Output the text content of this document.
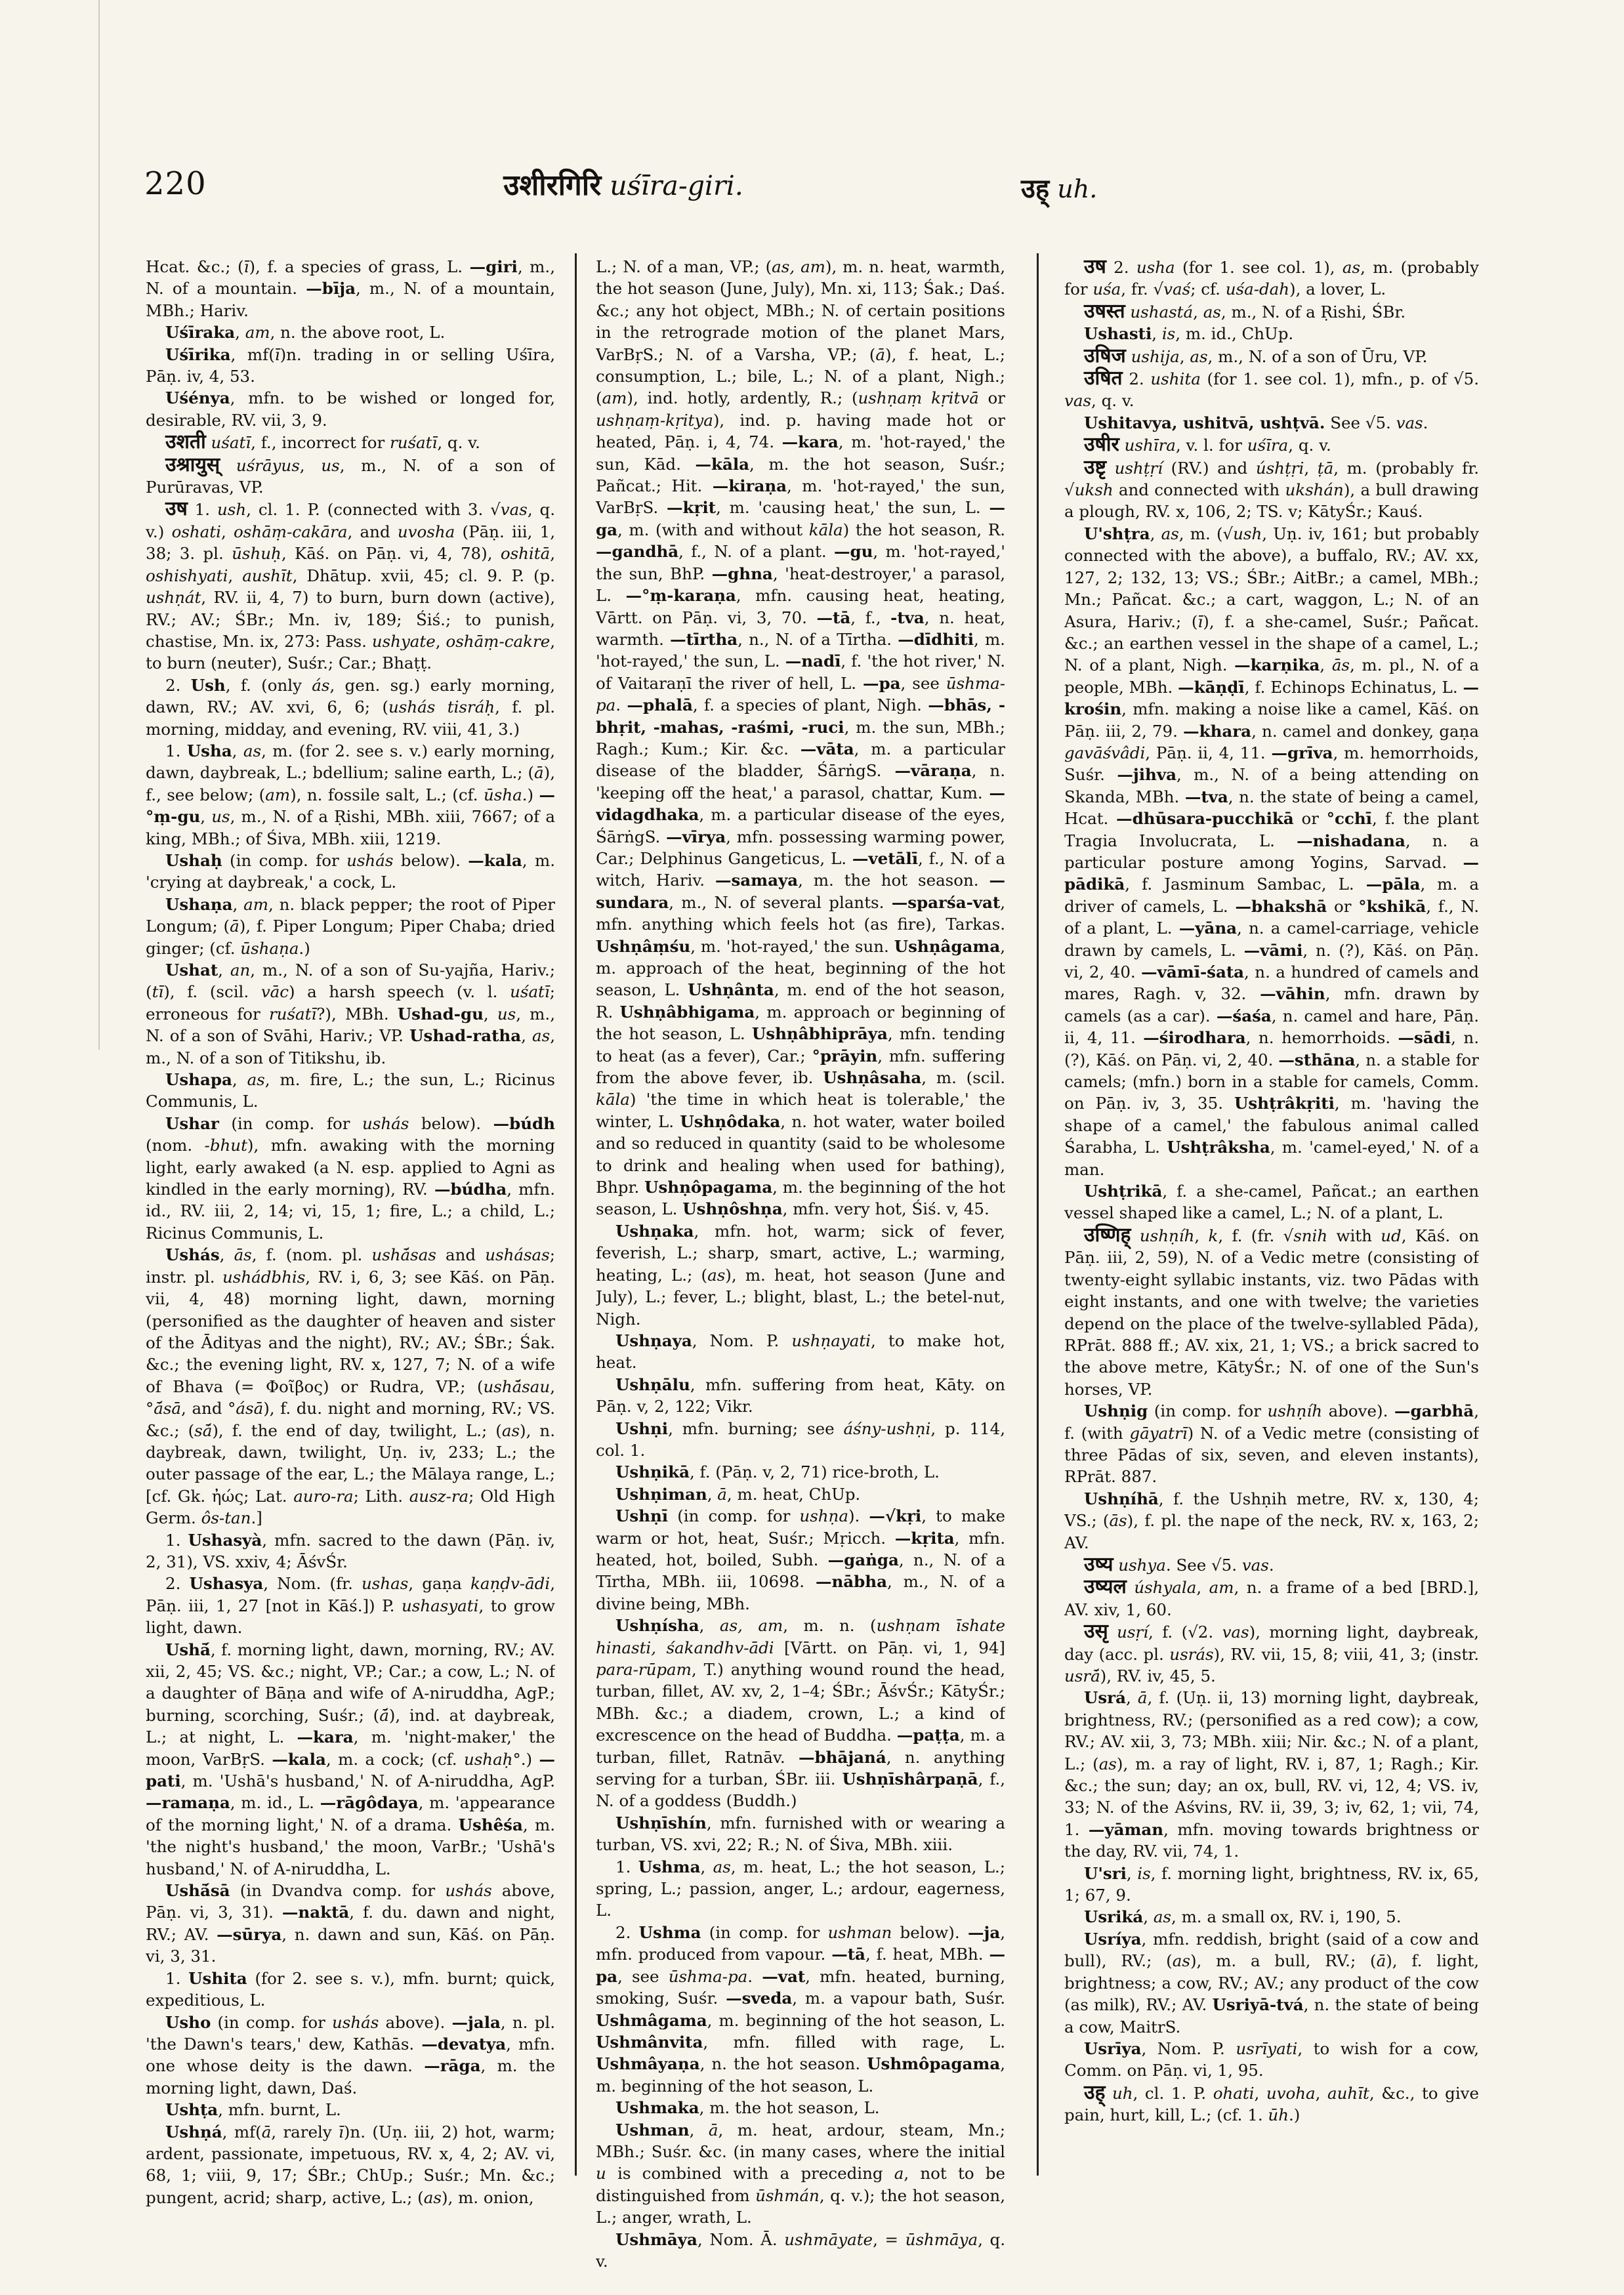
220	उशीरगिरि uśīra-giri.	उह् uh.

Hcat. &c.; (ī), f. a species of grass, L. —giri, m., N. of a mountain. —bīja, m., N. of a mountain, MBh.; Hariv.

Uśīraka, am, n. the above root, L.

Uśīrika, mf(ī)n. trading in or selling Uśīra, Pāṇ. iv, 4, 53.

Uśénya, mfn. to be wished or longed for, desirable, RV. vii, 3, 9.

उशती uśatī, f., incorrect for ruśatī, q. v.

उश्रायुस् uśrāyus, us, m., N. of a son of Purūravas, VP.

उष 1. ush, cl. 1. P. (connected with 3. √vas, q. v.) oshati, oshāṃ-cakāra, and uvosha (Pāṇ. iii, 1, 38; 3. pl. ūshuḥ, Kāś. on Pāṇ. vi, 4, 78), oshitā, oshishyati, aushīt, Dhātup. xvii, 45; cl. 9. P. (p. ushṇát, RV. ii, 4, 7) to burn, burn down (active), RV.; AV.; ŚBr.; Mn. iv, 189; Śiś.; to punish, chastise, Mn. ix, 273: Pass. ushyate, oshāṃ-cakre, to burn (neuter), Suśr.; Car.; Bhaṭṭ.

2. Ush, f. (only ás, gen. sg.) early morning, dawn, RV.; AV. xvi, 6, 6; (ushás tisráḥ, f. pl. morning, midday, and evening, RV. viii, 41, 3.)

1. Usha, as, m. (for 2. see s. v.) early morning, dawn, daybreak, L.; bdellium; saline earth, L.; (ā), f., see below; (am), n. fossile salt, L.; (cf. ūsha.) —°ṃ-gu, us, m., N. of a Ṛishi, MBh. xiii, 7667; of a king, MBh.; of Śiva, MBh. xiii, 1219.

Ushaḥ (in comp. for ushás below). —kala, m. 'crying at daybreak,' a cock, L.

Ushaṇa, am, n. black pepper; the root of Piper Longum; (ā), f. Piper Longum; Piper Chaba; dried ginger; (cf. ūshaṇa.)

Ushat, an, m., N. of a son of Su-yajña, Hariv.; (tī), f. (scil. vāc) a harsh speech (v. l. uśatī; erroneous for ruśatī?), MBh. Ushad-gu, us, m., N. of a son of Svāhi, Hariv.; VP. Ushad-ratha, as, m., N. of a son of Titikshu, ib.

Ushapa, as, m. fire, L.; the sun, L.; Ricinus Communis, L.

Ushar (in comp. for ushás below). —búdh (nom. -bhut), mfn. awaking with the morning light, early awaked (a N. esp. applied to Agni as kindled in the early morning), RV. —búdha, mfn. id., RV. iii, 2, 14; vi, 15, 1; fire, L.; a child, L.; Ricinus Communis, L.

Ushás, ās, f. (nom. pl. ushā́sas and ushásas; instr. pl. ushádbhis, RV. i, 6, 3; see Kāś. on Pāṇ. vii, 4, 48) morning light, dawn, morning (personified as the daughter of heaven and sister of the Ādityas and the night), RV.; AV.; ŚBr.; Śak. &c.; the evening light, RV. x, 127, 7; N. of a wife of Bhava (= Φοῖβος) or Rudra, VP.; (ushā́sau, °ā́sā, and °ásā), f. du. night and morning, RV.; VS. &c.; (sā́), f. the end of day, twilight, L.; (as), n. daybreak, dawn, twilight, Uṇ. iv, 233; L.; the outer passage of the ear, L.; the Mālaya range, L.; [cf. Gk. ἠώς; Lat. auro-ra; Lith. ausz-ra; Old High Germ. ôs-tan.]

1. Ushasyà, mfn. sacred to the dawn (Pāṇ. iv, 2, 31), VS. xxiv, 4; ĀśvŚr.

2. Ushasya, Nom. (fr. ushas, gaṇa kaṇḍv-ādi, Pāṇ. iii, 1, 27 [not in Kāś.]) P. ushasyati, to grow light, dawn.

Ushā́, f. morning light, dawn, morning, RV.; AV. xii, 2, 45; VS. &c.; night, VP.; Car.; a cow, L.; N. of a daughter of Bāṇa and wife of A-niruddha, AgP.; burning, scorching, Suśr.; (ā́), ind. at daybreak, L.; at night, L. —kara, m. 'night-maker,' the moon, VarBṛS. —kala, m. a cock; (cf. ushaḥ°.) —pati, m. 'Ushā's husband,' N. of A-niruddha, AgP. —ramaṇa, m. id., L. —rāgôdaya, m. 'appearance of the morning light,' N. of a drama. Ushêśa, m. 'the night's husband,' the moon, VarBr.; 'Ushā's husband,' N. of A-niruddha, L.

Ushā́sā (in Dvandva comp. for ushás above, Pāṇ. vi, 3, 31). —naktā, f. du. dawn and night, RV.; AV. —sūrya, n. dawn and sun, Kāś. on Pāṇ. vi, 3, 31.

1. Ushita (for 2. see s. v.), mfn. burnt; quick, expeditious, L.

Usho (in comp. for ushás above). —jala, n. pl. 'the Dawn's tears,' dew, Kathās. —devatya, mfn. one whose deity is the dawn. —rāga, m. the morning light, dawn, Daś.

Ushṭa, mfn. burnt, L.

Ushṇá, mf(ā, rarely ī)n. (Uṇ. iii, 2) hot, warm; ardent, passionate, impetuous, RV. x, 4, 2; AV. vi, 68, 1; viii, 9, 17; ŚBr.; ChUp.; Suśr.; Mn. &c.; pungent, acrid; sharp, active, L.; (as), m. onion,

L.; N. of a man, VP.; (as, am), m. n. heat, warmth, the hot season (June, July), Mn. xi, 113; Śak.; Daś. &c.; any hot object, MBh.; N. of certain positions in the retrograde motion of the planet Mars, VarBṛS.; N. of a Varsha, VP.; (ā), f. heat, L.; consumption, L.; bile, L.; N. of a plant, Nigh.; (am), ind. hotly, ardently, R.; (ushṇaṃ kṛitvā or ushṇaṃ-kṛitya), ind. p. having made hot or heated, Pāṇ. i, 4, 74. —kara, m. 'hot-rayed,' the sun, Kād. —kāla, m. the hot season, Suśr.; Pañcat.; Hit. —kiraṇa, m. 'hot-rayed,' the sun, VarBṛS. —kṛit, m. 'causing heat,' the sun, L. —ga, m. (with and without kāla) the hot season, R. —gandhā, f., N. of a plant. —gu, m. 'hot-rayed,' the sun, BhP. —ghna, 'heat-destroyer,' a parasol, L. —°ṃ-karaṇa, mfn. causing heat, heating, Vārtt. on Pāṇ. vi, 3, 70. —tā, f., -tva, n. heat, warmth. —tīrtha, n., N. of a Tīrtha. —dīdhiti, m. 'hot-rayed,' the sun, L. —nadī, f. 'the hot river,' N. of Vaitaraṇī the river of hell, L. —pa, see ūshma-pa. —phalā, f. a species of plant, Nigh. —bhās, -bhṛit, -mahas, -raśmi, -ruci, m. the sun, MBh.; Ragh.; Kum.; Kir. &c. —vāta, m. a particular disease of the bladder, ŚārṅgS. —vāraṇa, n. 'keeping off the heat,' a parasol, chattar, Kum. —vidagdhaka, m. a particular disease of the eyes, ŚārṅgS. —vīrya, mfn. possessing warming power, Car.; Delphinus Gangeticus, L. —vetālī, f., N. of a witch, Hariv. —samaya, m. the hot season. —sundara, m., N. of several plants. —sparśa-vat, mfn. anything which feels hot (as fire), Tarkas. Ushṇâṃśu, m. 'hot-rayed,' the sun. Ushṇâgama, m. approach of the heat, beginning of the hot season, L. Ushṇânta, m. end of the hot season, R. Ushṇâbhigama, m. approach or beginning of the hot season, L. Ushṇâbhiprāya, mfn. tending to heat (as a fever), Car.; °prāyin, mfn. suffering from the above fever, ib. Ushṇâsaha, m. (scil. kāla) 'the time in which heat is tolerable,' the winter, L. Ushṇôdaka, n. hot water, water boiled and so reduced in quantity (said to be wholesome to drink and healing when used for bathing), Bhpr. Ushṇôpagama, m. the beginning of the hot season, L. Ushṇôshṇa, mfn. very hot, Śiś. v, 45.

Ushṇaka, mfn. hot, warm; sick of fever, feverish, L.; sharp, smart, active, L.; warming, heating, L.; (as), m. heat, hot season (June and July), L.; fever, L.; blight, blast, L.; the betel-nut, Nigh.

Ushṇaya, Nom. P. ushṇayati, to make hot, heat.

Ushṇālu, mfn. suffering from heat, Kāty. on Pāṇ. v, 2, 122; Vikr.

Ushṇi, mfn. burning; see áśny-ushṇi, p. 114, col. 1.

Ushṇikā, f. (Pāṇ. v, 2, 71) rice-broth, L.

Ushṇiman, ā, m. heat, ChUp.

Ushṇī (in comp. for ushṇa). —√kṛi, to make warm or hot, heat, Suśr.; Mṛicch. —kṛita, mfn. heated, hot, boiled, Subh. —gaṅga, n., N. of a Tīrtha, MBh. iii, 10698. —nābha, m., N. of a divine being, MBh.

Ushṇísha, as, am, m. n. (ushṇam īshate hinasti, śakandhv-ādi [Vārtt. on Pāṇ. vi, 1, 94] para-rūpam, T.) anything wound round the head, turban, fillet, AV. xv, 2, 1–4; ŚBr.; ĀśvŚr.; KātyŚr.; MBh. &c.; a diadem, crown, L.; a kind of excrescence on the head of Buddha. —paṭṭa, m. a turban, fillet, Ratnāv. —bhājaná, n. anything serving for a turban, ŚBr. iii. Ushṇīshârpaṇā, f., N. of a goddess (Buddh.)

Ushṇīshín, mfn. furnished with or wearing a turban, VS. xvi, 22; R.; N. of Śiva, MBh. xiii.

1. Ushma, as, m. heat, L.; the hot season, L.; spring, L.; passion, anger, L.; ardour, eagerness, L.

2. Ushma (in comp. for ushman below). —ja, mfn. produced from vapour. —tā, f. heat, MBh. —pa, see ūshma-pa. —vat, mfn. heated, burning, smoking, Suśr. —sveda, m. a vapour bath, Suśr. Ushmâgama, m. beginning of the hot season, L. Ushmânvita, mfn. filled with rage, L. Ushmâyaṇa, n. the hot season. Ushmôpagama, m. beginning of the hot season, L.

Ushmaka, m. the hot season, L.

Ushman, ā, m. heat, ardour, steam, Mn.; MBh.; Suśr. &c. (in many cases, where the initial u is combined with a preceding a, not to be distinguished from ūshmán, q. v.); the hot season, L.; anger, wrath, L.

Ushmāya, Nom. Ā. ushmāyate, = ūshmāya, q. v.

उष 2. usha (for 1. see col. 1), as, m. (probably for uśa, fr. √vaś; cf. uśa-dah), a lover, L.

उषस्त ushastá, as, m., N. of a Ṛishi, ŚBr.

Ushasti, is, m. id., ChUp.

उषिज ushija, as, m., N. of a son of Ūru, VP.

उषित 2. ushita (for 1. see col. 1), mfn., p. of √5. vas, q. v.

Ushitavya, ushitvā, ushṭvā. See √5. vas.

उषीर ushīra, v. l. for uśīra, q. v.

उष्टृ ushṭṛí (RV.) and úshṭṛi, ṭā, m. (probably fr. √uksh and connected with ukshán), a bull drawing a plough, RV. x, 106, 2; TS. v; KātyŚr.; Kauś.

U'shṭra, as, m. (√ush, Uṇ. iv, 161; but probably connected with the above), a buffalo, RV.; AV. xx, 127, 2; 132, 13; VS.; ŚBr.; AitBr.; a camel, MBh.; Mn.; Pañcat. &c.; a cart, waggon, L.; N. of an Asura, Hariv.; (ī), f. a she-camel, Suśr.; Pañcat. &c.; an earthen vessel in the shape of a camel, L.; N. of a plant, Nigh. —karṇika, ās, m. pl., N. of a people, MBh. —kāṇḍī, f. Echinops Echinatus, L. —krośin, mfn. making a noise like a camel, Kāś. on Pāṇ. iii, 2, 79. —khara, n. camel and donkey, gaṇa gavāśvâdi, Pāṇ. ii, 4, 11. —grīva, m. hemorrhoids, Suśr. —jihva, m., N. of a being attending on Skanda, MBh. —tva, n. the state of being a camel, Hcat. —dhūsara-pucchikā or °cchī, f. the plant Tragia Involucrata, L. —nishadana, n. a particular posture among Yogins, Sarvad. —pādikā, f. Jasminum Sambac, L. —pāla, m. a driver of camels, L. —bhakshā or °kshikā, f., N. of a plant, L. —yāna, n. a camel-carriage, vehicle drawn by camels, L. —vāmi, n. (?), Kāś. on Pāṇ. vi, 2, 40. —vāmī-śata, n. a hundred of camels and mares, Ragh. v, 32. —vāhin, mfn. drawn by camels (as a car). —śaśa, n. camel and hare, Pāṇ. ii, 4, 11. —śirodhara, n. hemorrhoids. —sādi, n. (?), Kāś. on Pāṇ. vi, 2, 40. —sthāna, n. a stable for camels; (mfn.) born in a stable for camels, Comm. on Pāṇ. iv, 3, 35. Ushṭrâkṛiti, m. 'having the shape of a camel,' the fabulous animal called Śarabha, L. Ushṭrâksha, m. 'camel-eyed,' N. of a man.

Ushṭrikā, f. a she-camel, Pañcat.; an earthen vessel shaped like a camel, L.; N. of a plant, L.

उष्णिह् ushṇíh, k, f. (fr. √snih with ud, Kāś. on Pāṇ. iii, 2, 59), N. of a Vedic metre (consisting of twenty-eight syllabic instants, viz. two Pādas with eight instants, and one with twelve; the varieties depend on the place of the twelve-syllabled Pāda), RPrāt. 888 ff.; AV. xix, 21, 1; VS.; a brick sacred to the above metre, KātyŚr.; N. of one of the Sun's horses, VP.

Ushṇig (in comp. for ushṇíh above). —garbhā, f. (with gāyatrī) N. of a Vedic metre (consisting of three Pādas of six, seven, and eleven instants), RPrāt. 887.

Ushṇíhā, f. the Ushṇih metre, RV. x, 130, 4; VS.; (ās), f. pl. the nape of the neck, RV. x, 163, 2; AV.

उष्य ushya. See √5. vas.

उष्यल úshyala, am, n. a frame of a bed [BRD.], AV. xiv, 1, 60.

उसृ usṛí, f. (√2. vas), morning light, daybreak, day (acc. pl. usrás), RV. vii, 15, 8; viii, 41, 3; (instr. usrā́), RV. iv, 45, 5.

Usrá, ā, f. (Uṇ. ii, 13) morning light, daybreak, brightness, RV.; (personified as a red cow); a cow, RV.; AV. xii, 3, 73; MBh. xiii; Nir. &c.; N. of a plant, L.; (as), m. a ray of light, RV. i, 87, 1; Ragh.; Kir. &c.; the sun; day; an ox, bull, RV. vi, 12, 4; VS. iv, 33; N. of the Aśvins, RV. ii, 39, 3; iv, 62, 1; vii, 74, 1. —yāman, mfn. moving towards brightness or the day, RV. vii, 74, 1.

U'sri, is, f. morning light, brightness, RV. ix, 65, 1; 67, 9.

Usriká, as, m. a small ox, RV. i, 190, 5.

Usríya, mfn. reddish, bright (said of a cow and bull), RV.; (as), m. a bull, RV.; (ā), f. light, brightness; a cow, RV.; AV.; any product of the cow (as milk), RV.; AV. Usriyā-tvá, n. the state of being a cow, MaitrS.

Usrīya, Nom. P. usrīyati, to wish for a cow, Comm. on Pāṇ. vi, 1, 95.

उह् uh, cl. 1. P. ohati, uvoha, auhīt, &c., to give pain, hurt, kill, L.; (cf. 1. ūh.)
